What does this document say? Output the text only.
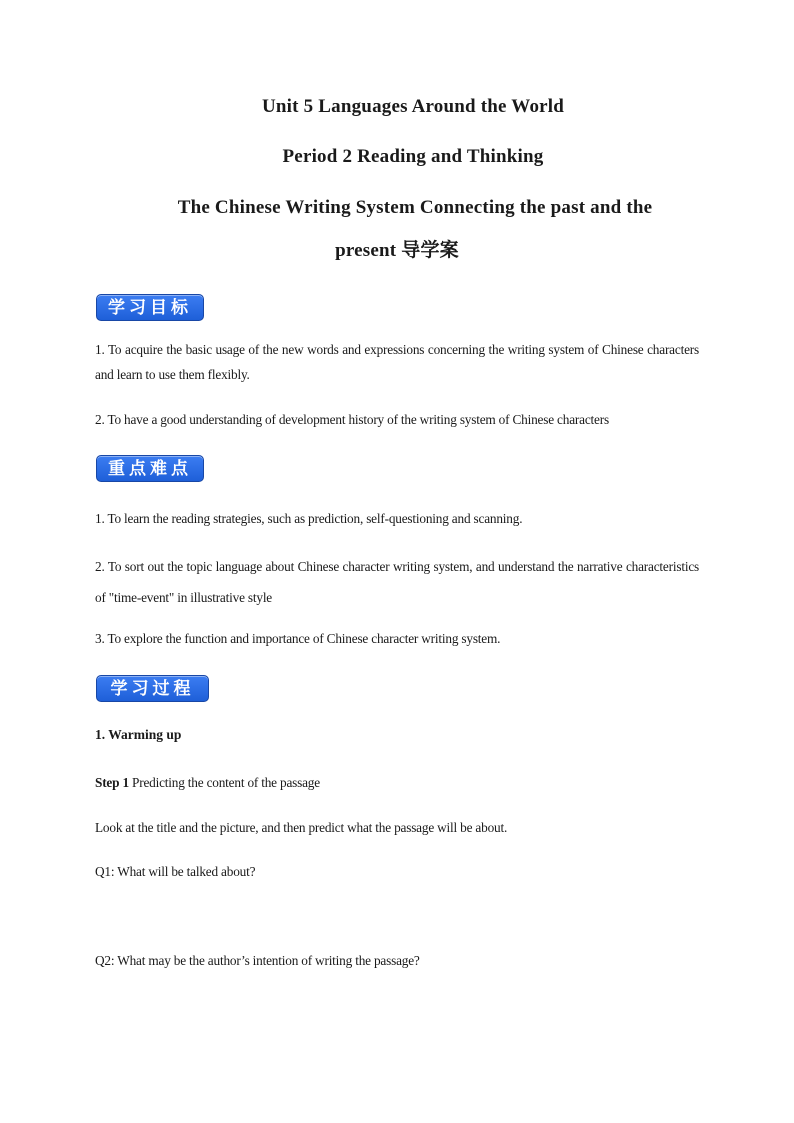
Unit 5 Languages Around the World
Period 2 Reading and Thinking
The Chinese Writing System Connecting the past and the
present 导学案
学习目标
1. To acquire the basic usage of the new words and expressions concerning the writing system of Chinese characters and learn to use them flexibly.
2. To have a good understanding of development history of the writing system of Chinese characters
重点难点
1. To learn the reading strategies, such as prediction, self-questioning and scanning.
2. To sort out the topic language about Chinese character writing system, and understand the narrative characteristics of "time-event" in illustrative style
3. To explore the function and importance of Chinese character writing system.
学习过程
1. Warming up
Step 1 Predicting the content of the passage
Look at the title and the picture, and then predict what the passage will be about.
Q1: What will be talked about?
Q2: What may be the author’s intention of writing the passage?
